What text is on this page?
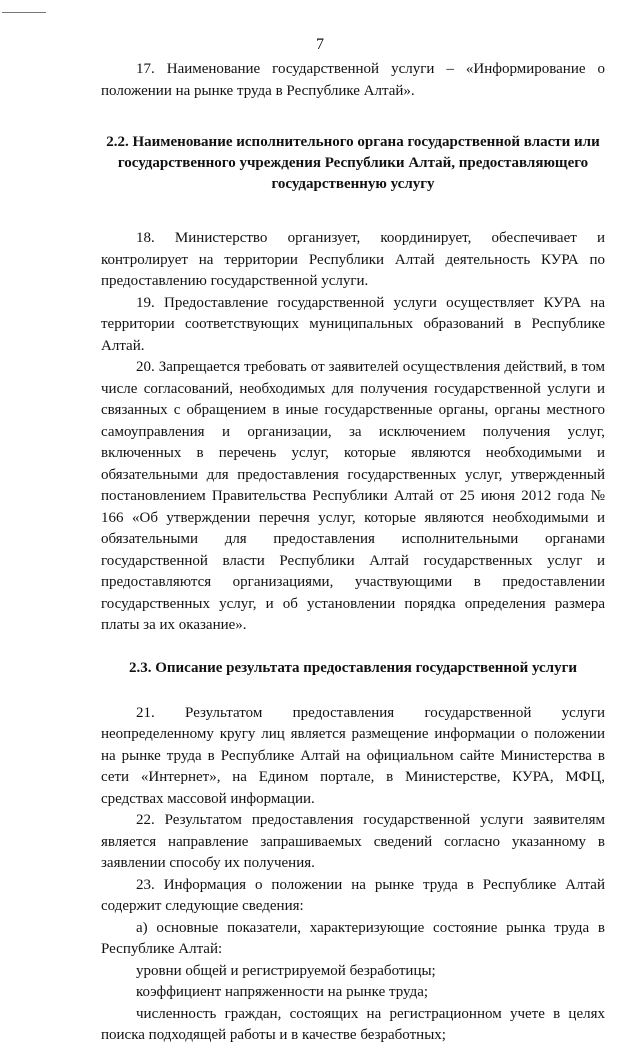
7

17. Наименование государственной услуги – «Информирование о положении на рынке труда в Республике Алтай».

2.2. Наименование исполнительного органа государственной власти или государственного учреждения Республики Алтай, предоставляющего государственную услугу

18. Министерство организует, координирует, обеспечивает и контролирует на территории Республики Алтай деятельность КУРА по предоставлению государственной услуги.

19. Предоставление государственной услуги осуществляет КУРА на территории соответствующих муниципальных образований в Республике Алтай.

20. Запрещается требовать от заявителей осуществления действий, в том числе согласований, необходимых для получения государственной услуги и связанных с обращением в иные государственные органы, органы местного самоуправления и организации, за исключением получения услуг, включенных в перечень услуг, которые являются необходимыми и обязательными для предоставления государственных услуг, утвержденный постановлением Правительства Республики Алтай от 25 июня 2012 года № 166 «Об утверждении перечня услуг, которые являются необходимыми и обязательными для предоставления исполнительными органами государственной власти Республики Алтай государственных услуг и предоставляются организациями, участвующими в предоставлении государственных услуг, и об установлении порядка определения размера платы за их оказание».

2.3. Описание результата предоставления государственной услуги

21. Результатом предоставления государственной услуги неопределенному кругу лиц является размещение информации о положении на рынке труда в Республике Алтай на официальном сайте Министерства в сети «Интернет», на Едином портале, в Министерстве, КУРА, МФЦ, средствах массовой информации.

22. Результатом предоставления государственной услуги заявителям является направление запрашиваемых сведений согласно указанному в заявлении способу их получения.

23. Информация о положении на рынке труда в Республике Алтай содержит следующие сведения:

а) основные показатели, характеризующие состояние рынка труда в Республике Алтай:

уровни общей и регистрируемой безработицы;

коэффициент напряженности на рынке труда;

численность граждан, состоящих на регистрационном учете в целях поиска подходящей работы и в качестве безработных;
